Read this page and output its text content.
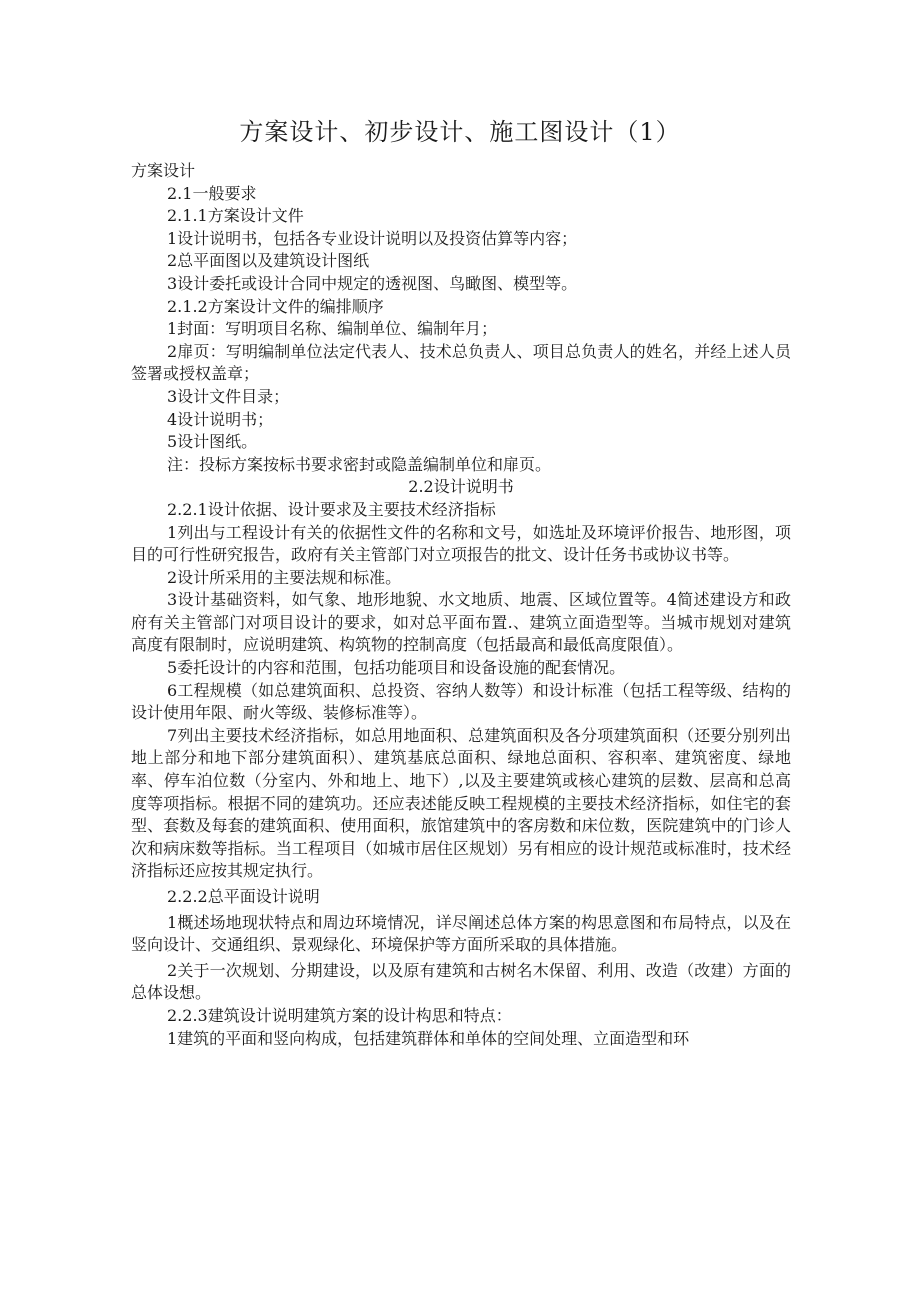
方案设计、初步设计、施工图设计（1）

方案设计

2.1一般要求

2.1.1方案设计文件

1设计说明书，包括各专业设计说明以及投资估算等内容；

2总平面图以及建筑设计图纸

3设计委托或设计合同中规定的透视图、鸟瞰图、模型等。

2.1.2方案设计文件的编排顺序

1封面：写明项目名称、编制单位、编制年月；

2扉页：写明编制单位法定代表人、技术总负责人、项目总负责人的姓名，并经上述人员签署或授权盖章；

3设计文件目录；

4设计说明书；

5设计图纸。

注：投标方案按标书要求密封或隐盖编制单位和扉页。

2.2设计说明书

2.2.1设计依据、设计要求及主要技术经济指标

1列出与工程设计有关的依据性文件的名称和文号，如选址及环境评价报告、地形图，项目的可行性研究报告，政府有关主管部门对立项报告的批文、设计任务书或协议书等。

2设计所采用的主要法规和标准。

3设计基础资料，如气象、地形地貌、水文地质、地震、区域位置等。4简述建设方和政府有关主管部门对项目设计的要求，如对总平面布置.、建筑立面造型等。当城市规划对建筑高度有限制时，应说明建筑、构筑物的控制高度（包括最高和最低高度限值）。

5委托设计的内容和范围，包括功能项目和设备设施的配套情况。

6工程规模（如总建筑面积、总投资、容纳人数等）和设计标准（包括工程等级、结构的设计使用年限、耐火等级、装修标准等）。

7列出主要技术经济指标，如总用地面积、总建筑面积及各分项建筑面积（还要分别列出地上部分和地下部分建筑面积）、建筑基底总面积、绿地总面积、容积率、建筑密度、绿地率、停车泊位数（分室内、外和地上、地下）,以及主要建筑或核心建筑的层数、层高和总高度等项指标。根据不同的建筑功。还应表述能反映工程规模的主要技术经济指标，如住宅的套型、套数及每套的建筑面积、使用面积，旅馆建筑中的客房数和床位数，医院建筑中的门诊人次和病床数等指标。当工程项目（如城市居住区规划）另有相应的设计规范或标准时，技术经济指标还应按其规定执行。

2.2.2总平面设计说明

1概述场地现状特点和周边环境情况，详尽阐述总体方案的构思意图和布局特点，以及在竖向设计、交通组织、景观绿化、环境保护等方面所采取的具体措施。

2关于一次规划、分期建设，以及原有建筑和古树名木保留、利用、改造（改建）方面的总体设想。

2.2.3建筑设计说明建筑方案的设计构思和特点：

1建筑的平面和竖向构成，包括建筑群体和单体的空间处理、立面造型和环
